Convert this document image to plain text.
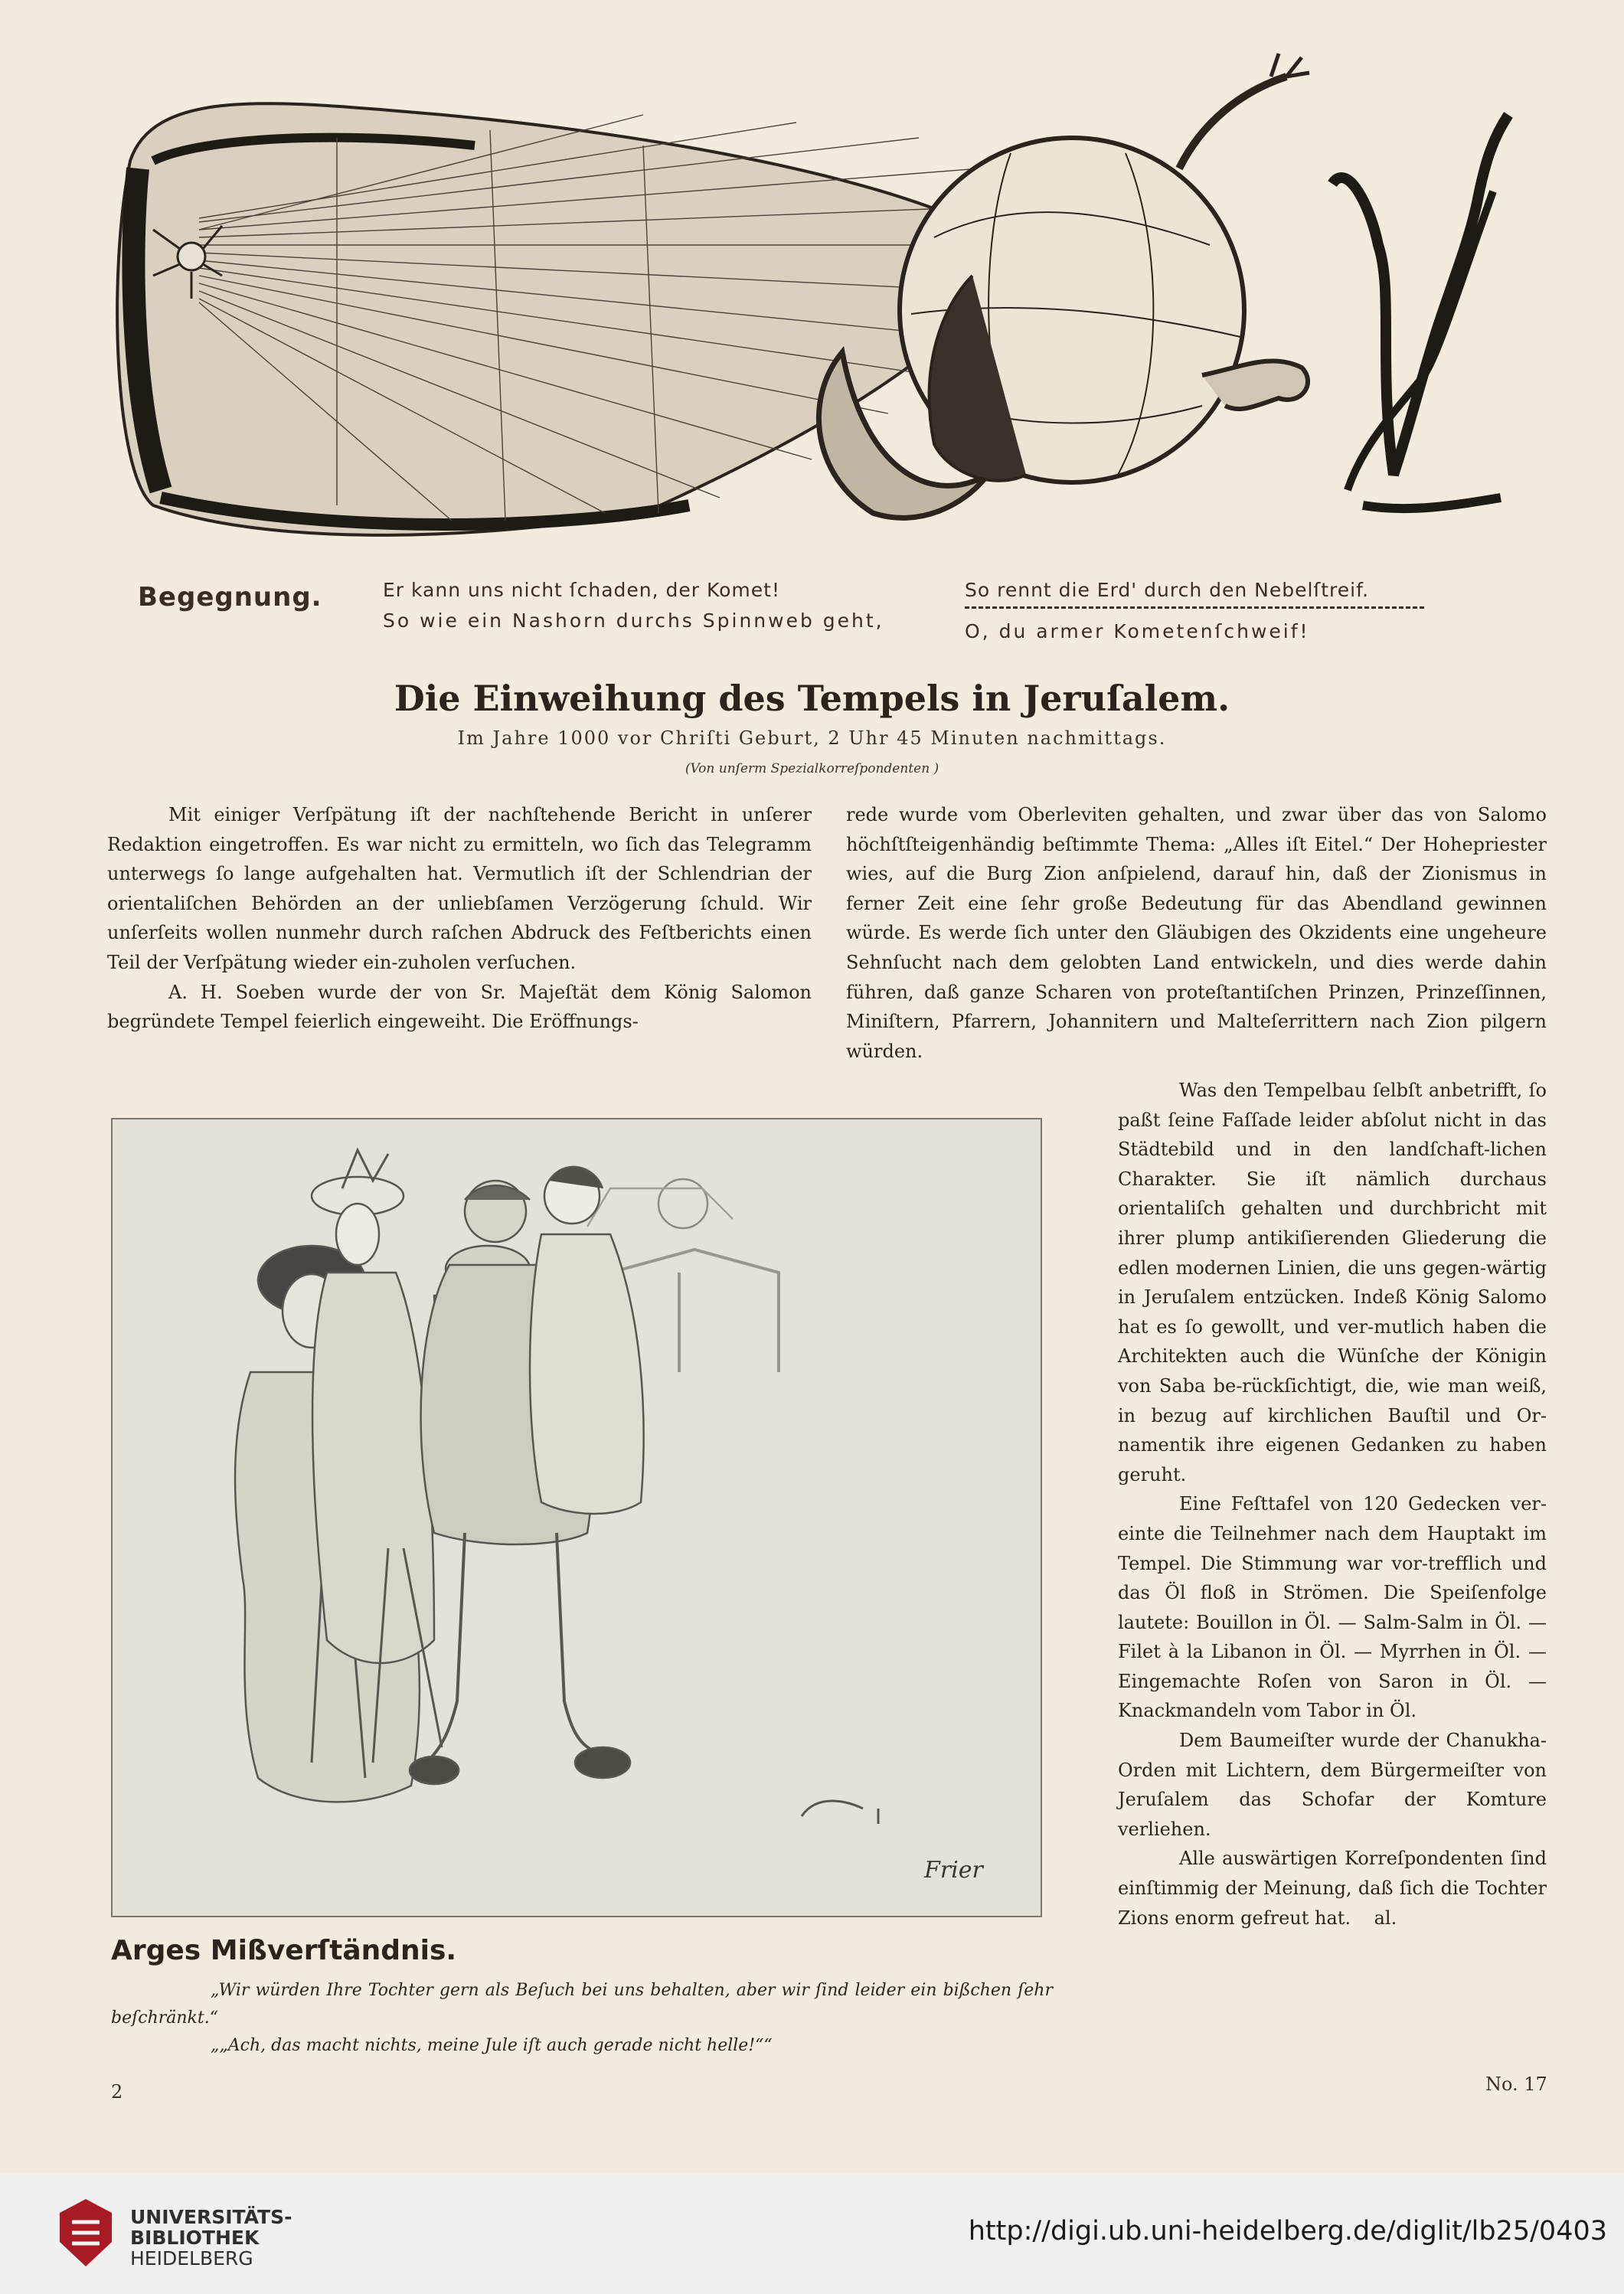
Begegnung.	Er kann uns nicht ſchaden, der Komet!
So wie ein Nashorn durchs Spinnweb geht,
So rennt die Erd' durch den Nebelſtreif.
O, du armer Kometenſchweif!
Die Einweihung des Tempels in Jeruſalem.
Im Jahre 1000 vor Chriſti Geburt, 2 Uhr 45 Minuten nachmittags.
(Von unſerm Spezialkorreſpondenten )

Mit einiger Verſpätung iſt der nachſtehende Bericht in unſerer Redaktion eingetroffen. Es war nicht zu ermitteln, wo ſich das Telegramm unterwegs ſo lange aufgehalten hat. Vermutlich iſt der Schlendrian der orientaliſchen Behörden an der unliebſamen Verzögerung ſchuld. Wir unſerſeits wollen nunmehr durch raſchen Abdruck des Feſtberichts einen Teil der Verſpätung wieder ein-zuholen verſuchen.

A. H. Soeben wurde der von Sr. Majeſtät dem König Salomon begründete Tempel feierlich eingeweiht. Die Eröffnungs-

rede wurde vom Oberleviten gehalten, und zwar über das von Salomo höchſtſteigenhändig beſtimmte Thema: „Alles iſt Eitel.“ Der Hohepriester wies, auf die Burg Zion anſpielend, darauf hin, daß der Zionismus in ferner Zeit eine ſehr große Bedeutung für das Abendland gewinnen würde. Es werde ſich unter den Gläubigen des Okzidents eine ungeheure Sehnſucht nach dem gelobten Land entwickeln, und dies werde dahin führen, daß ganze Scharen von proteſtantiſchen Prinzen, Prinzeſſinnen, Miniſtern, Pfarrern, Johannitern und Malteſerrittern nach Zion pilgern würden.

Was den Tempelbau ſelbſt anbetrifft, ſo paßt ſeine Faſſade leider abſolut nicht in das Städtebild und in den landſchaft-lichen Charakter. Sie iſt nämlich durchaus orientaliſch gehalten und durchbricht mit ihrer plump antikiſierenden Gliederung die edlen modernen Linien, die uns gegen-wärtig in Jeruſalem entzücken. Indeß König Salomo hat es ſo gewollt, und ver-mutlich haben die Architekten auch die Wünſche der Königin von Saba be-rückſichtigt, die, wie man weiß, in bezug auf kirchlichen Bauſtil und Or-namentik ihre eigenen Gedanken zu haben geruht.

Eine Feſttafel von 120 Gedecken ver-einte die Teilnehmer nach dem Hauptakt im Tempel. Die Stimmung war vor-trefflich und das Öl floß in Strömen. Die Speiſenfolge lautete: Bouillon in Öl. — Salm-Salm in Öl. — Filet à la Libanon in Öl. — Myrrhen in Öl. — Eingemachte Roſen von Saron in Öl. — Knackmandeln vom Tabor in Öl.

Dem Baumeiſter wurde der Chanukha-Orden mit Lichtern, dem Bürgermeiſter von Jeruſalem das Schofar der Komture verliehen.

Alle auswärtigen Korreſpondenten ſind einſtimmig der Meinung, daß ſich die Tochter Zions enorm gefreut hat. al.

Frier
Arges Mißverſtändnis.

„Wir würden Ihre Tochter gern als Beſuch bei uns behalten, aber wir ſind leider ein bißchen ſehr beſchränkt.“

„„Ach, das macht nichts, meine Jule iſt auch gerade nicht helle!““

2	No. 17
UNIVERSITÄTS-
BIBLIOTHEK
HEIDELBERG
http://digi.ub.uni-heidelberg.de/diglit/lb25/0403
